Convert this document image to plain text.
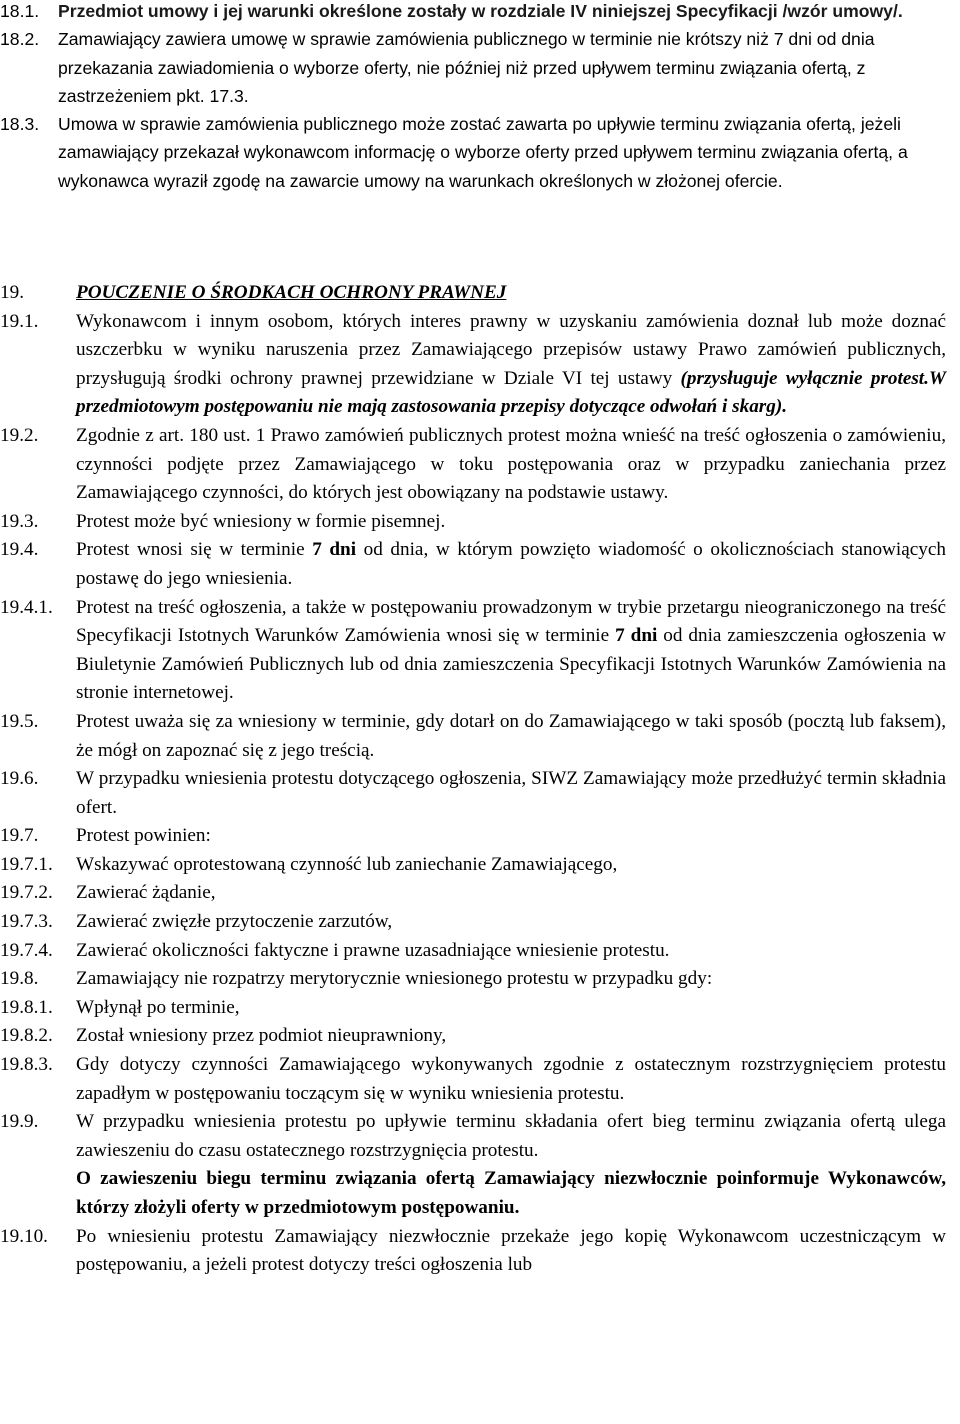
18.1.	Przedmiot umowy i jej warunki określone zostały w rozdziale IV niniejszej Specyfikacji /wzór umowy/.
18.2.	Zamawiający zawiera umowę w sprawie zamówienia publicznego w terminie nie krótszy niż 7 dni od dnia przekazania zawiadomienia o wyborze oferty, nie później niż przed upływem terminu związania ofertą, z zastrzeżeniem pkt. 17.3.
18.3.	Umowa w sprawie zamówienia publicznego może zostać zawarta po upływie terminu związania ofertą, jeżeli zamawiający przekazał wykonawcom informację o wyborze oferty przed upływem terminu związania ofertą, a wykonawca wyraził zgodę na zawarcie umowy na warunkach określonych w złożonej ofercie.
19.	POUCZENIE O ŚRODKACH OCHRONY PRAWNEJ
19.1.	Wykonawcom i innym osobom, których interes prawny w uzyskaniu zamówienia doznał lub może doznać uszczerbku w wyniku naruszenia przez Zamawiającego przepisów ustawy Prawo zamówień publicznych, przysługują środki ochrony prawnej przewidziane w Dziale VI tej ustawy (przysługuje wyłącznie protest.W przedmiotowym postępowaniu nie mają zastosowania przepisy dotyczące odwołań i skarg).
19.2.	Zgodnie z art. 180 ust. 1 Prawo zamówień publicznych protest można wnieść na treść ogłoszenia o zamówieniu, czynności podjęte przez Zamawiającego w toku postępowania oraz w przypadku zaniechania przez Zamawiającego czynności, do których jest obowiązany na podstawie ustawy.
19.3.	Protest może być wniesiony w formie pisemnej.
19.4.	Protest wnosi się w terminie 7 dni od dnia, w którym powzięto wiadomość o okolicznościach stanowiących postawę do jego wniesienia.
19.4.1.	Protest na treść ogłoszenia, a także w postępowaniu prowadzonym w trybie przetargu nieograniczonego na treść Specyfikacji Istotnych Warunków Zamówienia wnosi się w terminie 7 dni od dnia zamieszczenia ogłoszenia w Biuletynie Zamówień Publicznych lub od dnia zamieszczenia Specyfikacji Istotnych Warunków Zamówienia na stronie internetowej.
19.5.	Protest uważa się za wniesiony w terminie, gdy dotarł on do Zamawiającego w taki sposób (pocztą lub faksem), że mógł on zapoznać się z jego treścią.
19.6.	W przypadku wniesienia protestu dotyczącego ogłoszenia, SIWZ Zamawiający może przedłużyć termin składnia ofert.
19.7.	Protest powinien:
19.7.1.	Wskazywać oprotestowaną czynność lub zaniechanie Zamawiającego,
19.7.2.	Zawierać żądanie,
19.7.3.	Zawierać zwięzłe przytoczenie zarzutów,
19.7.4.	Zawierać okoliczności faktyczne i prawne uzasadniające wniesienie protestu.
19.8.	Zamawiający nie rozpatrzy merytorycznie wniesionego protestu w przypadku gdy:
19.8.1.	Wpłynął po terminie,
19.8.2.	Został wniesiony przez podmiot nieuprawniony,
19.8.3.	Gdy dotyczy czynności Zamawiającego wykonywanych zgodnie z ostatecznym rozstrzygnięciem protestu zapadłym w postępowaniu toczącym się w wyniku wniesienia protestu.
19.9.	W przypadku wniesienia protestu po upływie terminu składania ofert bieg terminu związania ofertą ulega zawieszeniu do czasu ostatecznego rozstrzygnięcia protestu.
O zawieszeniu biegu terminu związania ofertą Zamawiający niezwłocznie poinformuje Wykonawców, którzy złożyli oferty w przedmiotowym postępowaniu.
19.10.	Po wniesieniu protestu Zamawiający niezwłocznie przekaże jego kopię Wykonawcom uczestniczącym w postępowaniu, a jeżeli protest dotyczy treści ogłoszenia lub
